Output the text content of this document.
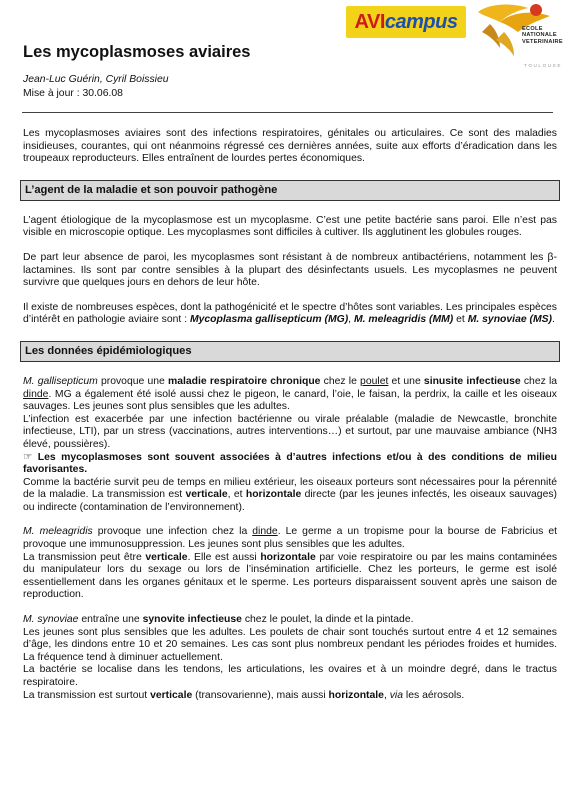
AVI campus	ECOLE
NATIONALE
VETERINAIRE
TOULOUSE
Les mycoplasmoses aviaires
Jean-Luc Guérin, Cyril Boissieu
Mise à jour : 30.06.08

Les mycoplasmoses aviaires sont des infections respiratoires, génitales ou articulaires. Ce sont des maladies insidieuses, courantes, qui ont néanmoins régressé ces dernières années, suite aux efforts d’éradication dans les troupeaux reproducteurs. Elles entraînent de lourdes pertes économiques.

L’agent de la maladie et son pouvoir pathogène

L’agent étiologique de la mycoplasmose est un mycoplasme. C’est une petite bactérie sans paroi. Elle n’est pas visible en microscopie optique. Les mycoplasmes sont difficiles à cultiver. Ils agglutinent les globules rouges.

De part leur absence de paroi, les mycoplasmes sont résistant à de nombreux antibactériens, notamment les β-lactamines. Ils sont par contre sensibles à la plupart des désinfectants usuels. Les mycoplasmes ne peuvent survivre que quelques jours en dehors de leur hôte.

Il existe de nombreuses espèces, dont la pathogénicité et le spectre d’hôtes sont variables. Les principales espèces d’intérêt en pathologie aviaire sont : Mycoplasma gallisepticum (MG), M. meleagridis (MM) et M. synoviae (MS).

Les données épidémiologiques

M. gallisepticum provoque une maladie respiratoire chronique chez le poulet et une sinusite infectieuse chez la dinde. MG a également été isolé aussi chez le pigeon, le canard, l’oie, le faisan, la perdrix, la caille et les oiseaux sauvages. Les jeunes sont plus sensibles que les adultes.

L’infection est exacerbée par une infection bactérienne ou virale préalable (maladie de Newcastle, bronchite infectieuse, LTI), par un stress (vaccinations, autres interventions…) et surtout, par une mauvaise ambiance (NH3 élevé, poussières).

☞ Les mycoplasmoses sont souvent associées à d’autres infections et/ou à des conditions de milieu favorisantes.

Comme la bactérie survit peu de temps en milieu extérieur, les oiseaux porteurs sont nécessaires pour la pérennité de la maladie. La transmission est verticale, et horizontale directe (par les jeunes infectés, les oiseaux sauvages) ou indirecte (contamination de l’environnement).

M. meleagridis provoque une infection chez la dinde. Le germe a un tropisme pour la bourse de Fabricius et provoque une immunosuppression. Les jeunes sont plus sensibles que les adultes.

La transmission peut être verticale. Elle est aussi horizontale par voie respiratoire ou par les mains contaminées du manipulateur lors du sexage ou lors de l’insémination artificielle. Chez les porteurs, le germe est isolé essentiellement dans les organes génitaux et le sperme. Les porteurs disparaissent souvent après une saison de reproduction.

M. synoviae entraîne une synovite infectieuse chez le poulet, la dinde et la pintade.

Les jeunes sont plus sensibles que les adultes. Les poulets de chair sont touchés surtout entre 4 et 12 semaines d’âge, les dindons entre 10 et 20 semaines. Les cas sont plus nombreux pendant les périodes froides et humides. La fréquence tend à diminuer actuellement.

La bactérie se localise dans les tendons, les articulations, les ovaires et à un moindre degré, dans le tractus respiratoire.

La transmission est surtout verticale (transovarienne), mais aussi horizontale, via les aérosols.
